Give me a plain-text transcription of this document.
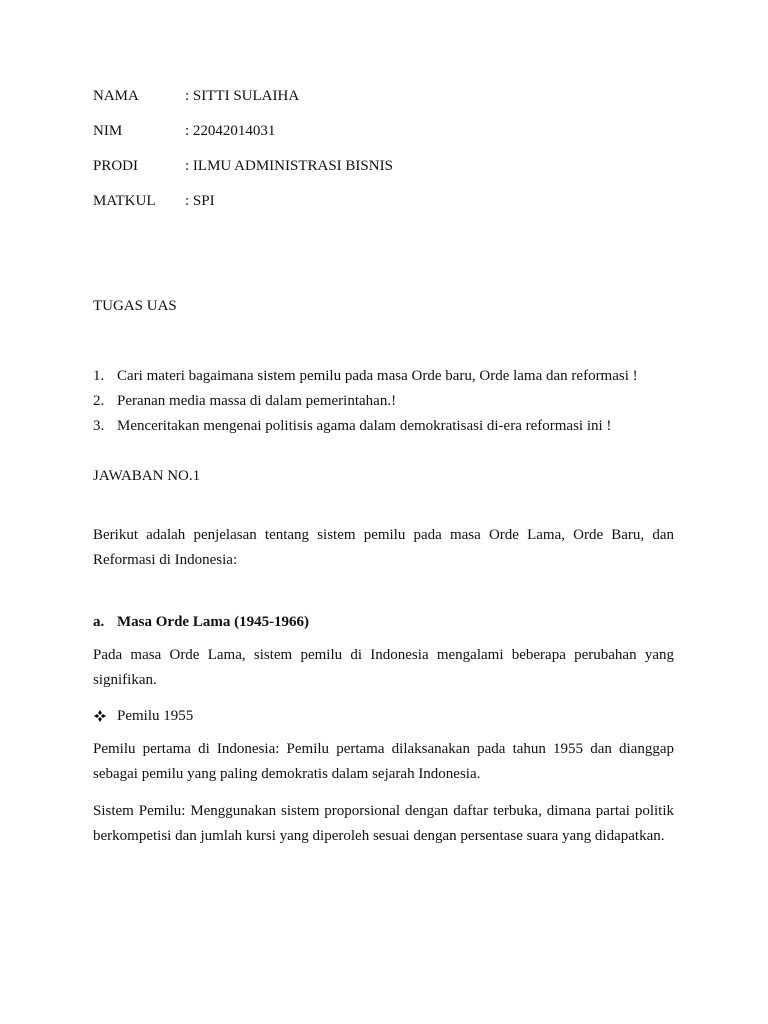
NAMA	: SITTI SULAIHA
NIM	: 22042014031
PRODI	: ILMU ADMINISTRASI BISNIS
MATKUL : SPI
TUGAS UAS
1. Cari materi bagaimana sistem pemilu pada masa Orde baru, Orde lama dan reformasi !
2. Peranan media massa di dalam pemerintahan.!
3. Menceritakan mengenai politisis agama dalam demokratisasi di-era reformasi ini !
JAWABAN NO.1
Berikut adalah penjelasan tentang sistem pemilu pada masa Orde Lama, Orde Baru, dan Reformasi di Indonesia:
a. Masa Orde Lama (1945-1966)
Pada masa Orde Lama, sistem pemilu di Indonesia mengalami beberapa perubahan yang signifikan.
Pemilu 1955
Pemilu pertama di Indonesia: Pemilu pertama dilaksanakan pada tahun 1955 dan dianggap sebagai pemilu yang paling demokratis dalam sejarah Indonesia.
Sistem Pemilu: Menggunakan sistem proporsional dengan daftar terbuka, dimana partai politik berkompetisi dan jumlah kursi yang diperoleh sesuai dengan persentase suara yang didapatkan.
